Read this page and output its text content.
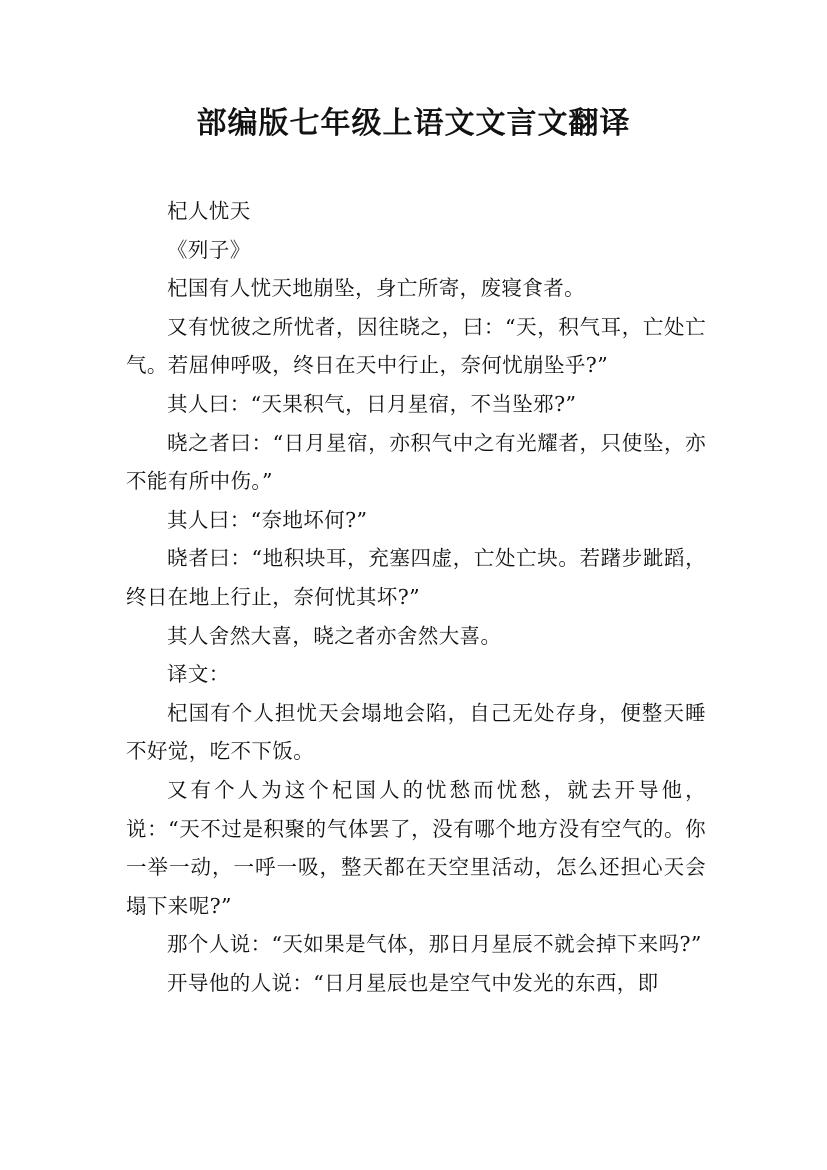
部编版七年级上语文文言文翻译

杞人忧天

《列子》

杞国有人忧天地崩坠，身亡所寄，废寝食者。

又有忧彼之所忧者，因往晓之，曰：“天，积气耳，亡处亡气。若屈伸呼吸，终日在天中行止，奈何忧崩坠乎?”

其人曰：“天果积气，日月星宿，不当坠邪?”

晓之者曰：“日月星宿，亦积气中之有光耀者，只使坠，亦不能有所中伤。”

其人曰：“奈地坏何?”

晓者曰：“地积块耳，充塞四虚，亡处亡块。若躇步跐蹈，终日在地上行止，奈何忧其坏?”

其人舍然大喜，晓之者亦舍然大喜。

译文：

杞国有个人担忧天会塌地会陷，自己无处存身，便整天睡不好觉，吃不下饭。

又有个人为这个杞国人的忧愁而忧愁，就去开导他，说：“天不过是积聚的气体罢了，没有哪个地方没有空气的。你一举一动，一呼一吸，整天都在天空里活动，怎么还担心天会塌下来呢?”

那个人说：“天如果是气体，那日月星辰不就会掉下来吗?”

开导他的人说：“日月星辰也是空气中发光的东西，即
